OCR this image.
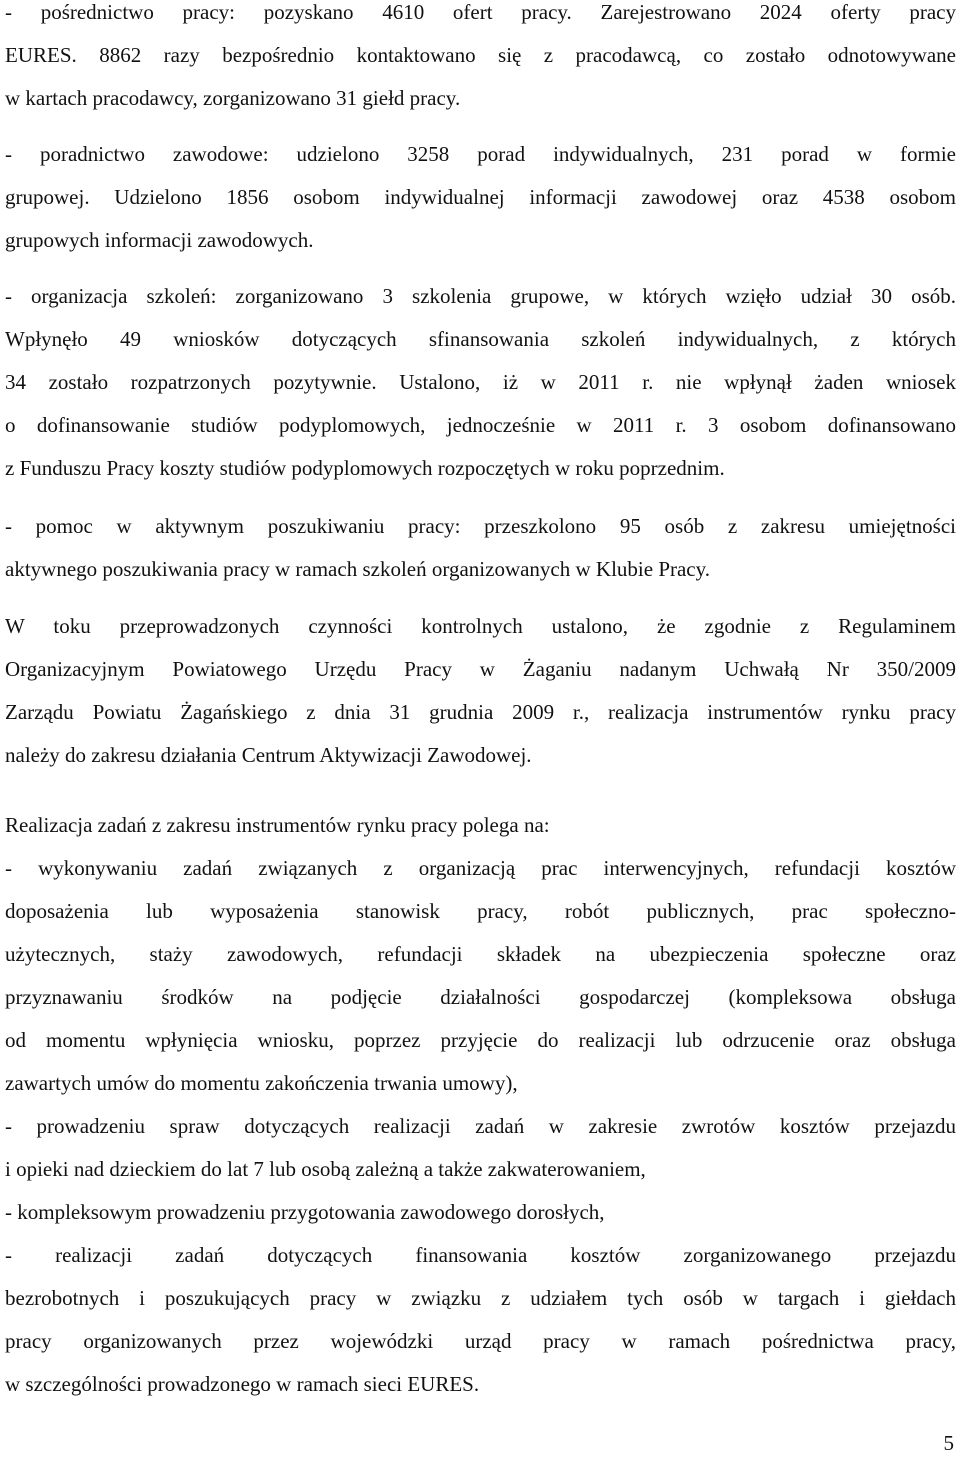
- pośrednictwo pracy: pozyskano 4610 ofert pracy. Zarejestrowano 2024 oferty pracy
EURES. 8862 razy bezpośrednio kontaktowano się z pracodawcą, co zostało odnotowywane
w kartach pracodawcy, zorganizowano 31 giełd pracy.
- poradnictwo zawodowe: udzielono 3258 porad indywidualnych, 231 porad w formie
grupowej. Udzielono 1856 osobom indywidualnej informacji zawodowej oraz 4538 osobom
grupowych informacji zawodowych.
- organizacja szkoleń: zorganizowano 3 szkolenia grupowe, w których wzięło udział 30 osób.
Wpłynęło 49 wniosków dotyczących sfinansowania szkoleń indywidualnych, z których
34 zostało rozpatrzonych pozytywnie. Ustalono, iż w 2011 r. nie wpłynął żaden wniosek
o dofinansowanie studiów podyplomowych, jednocześnie w 2011 r. 3 osobom dofinansowano
z Funduszu Pracy koszty studiów podyplomowych rozpoczętych w roku poprzednim.
- pomoc w aktywnym poszukiwaniu pracy: przeszkolono 95 osób z zakresu umiejętności
aktywnego poszukiwania pracy w ramach szkoleń organizowanych w Klubie Pracy.
W toku przeprowadzonych czynności kontrolnych ustalono, że zgodnie z Regulaminem
Organizacyjnym Powiatowego Urzędu Pracy w Żaganiu nadanym Uchwałą Nr 350/2009
Zarządu Powiatu Żagańskiego z dnia 31 grudnia 2009 r., realizacja instrumentów rynku pracy
należy do zakresu działania Centrum Aktywizacji Zawodowej.
Realizacja zadań z zakresu instrumentów rynku pracy polega na:
- wykonywaniu zadań związanych z organizacją prac interwencyjnych, refundacji kosztów
doposażenia lub wyposażenia stanowisk pracy, robót publicznych, prac społeczno-
użytecznych, staży zawodowych, refundacji składek na ubezpieczenia społeczne oraz
przyznawaniu środków na podjęcie działalności gospodarczej (kompleksowa obsługa
od momentu wpłynięcia wniosku, poprzez przyjęcie do realizacji lub odrzucenie oraz obsługa
zawartych umów do momentu zakończenia trwania umowy),
- prowadzeniu spraw dotyczących realizacji zadań w zakresie zwrotów kosztów przejazdu
i opieki nad dzieckiem do lat 7 lub osobą zależną a także zakwaterowaniem,
- kompleksowym prowadzeniu przygotowania zawodowego dorosłych,
- realizacji zadań dotyczących finansowania kosztów zorganizowanego przejazdu
bezrobotnych i poszukujących pracy w związku z udziałem tych osób w targach i giełdach
pracy organizowanych przez wojewódzki urząd pracy w ramach pośrednictwa pracy,
w szczególności prowadzonego w ramach sieci EURES.
5
